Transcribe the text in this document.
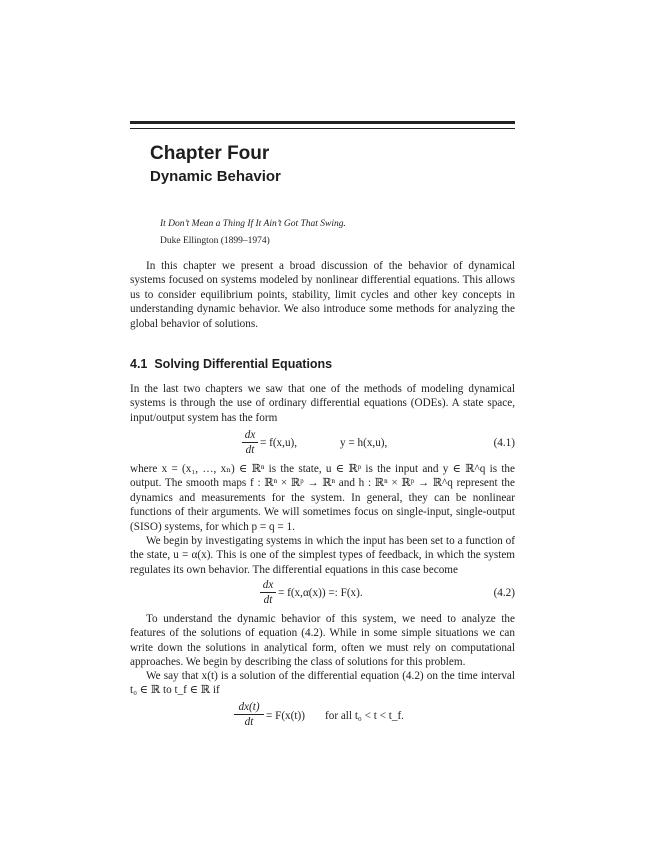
Chapter Four
Dynamic Behavior
It Don’t Mean a Thing If It Ain’t Got That Swing.
Duke Ellington (1899–1974)

In this chapter we present a broad discussion of the behavior of dynamical systems focused on systems modeled by nonlinear differential equations. This allows us to consider equilibrium points, stability, limit cycles and other key concepts in understanding dynamic behavior. We also introduce some methods for analyzing the global behavior of solutions.

4.1 Solving Differential Equations

In the last two chapters we saw that one of the methods of modeling dynamical systems is through the use of ordinary differential equations (ODEs). A state space, input/output system has the form

dx
dt
= f(x,u),	y = h(x,u),	(4.1)

where x = (x₁, …, xₙ) ∈ ℝⁿ is the state, u ∈ ℝᵖ is the input and y ∈ ℝ^q is the output. The smooth maps f : ℝⁿ × ℝᵖ → ℝⁿ and h : ℝⁿ × ℝᵖ → ℝ^q represent the dynamics and measurements for the system. In general, they can be nonlinear functions of their arguments. We will sometimes focus on single-input, single-output (SISO) systems, for which p = q = 1.

We begin by investigating systems in which the input has been set to a function of the state, u = α(x). This is one of the simplest types of feedback, in which the system regulates its own behavior. The differential equations in this case become

dx
dt
= f(x,α(x)) =: F(x).	(4.2)

To understand the dynamic behavior of this system, we need to analyze the features of the solutions of equation (4.2). While in some simple situations we can write down the solutions in analytical form, often we must rely on computational approaches. We begin by describing the class of solutions for this problem.

We say that x(t) is a solution of the differential equation (4.2) on the time interval t₀ ∈ ℝ to t_f ∈ ℝ if

dx(t)
dt	= F(x(t)) for all t₀ < t < t_f.
